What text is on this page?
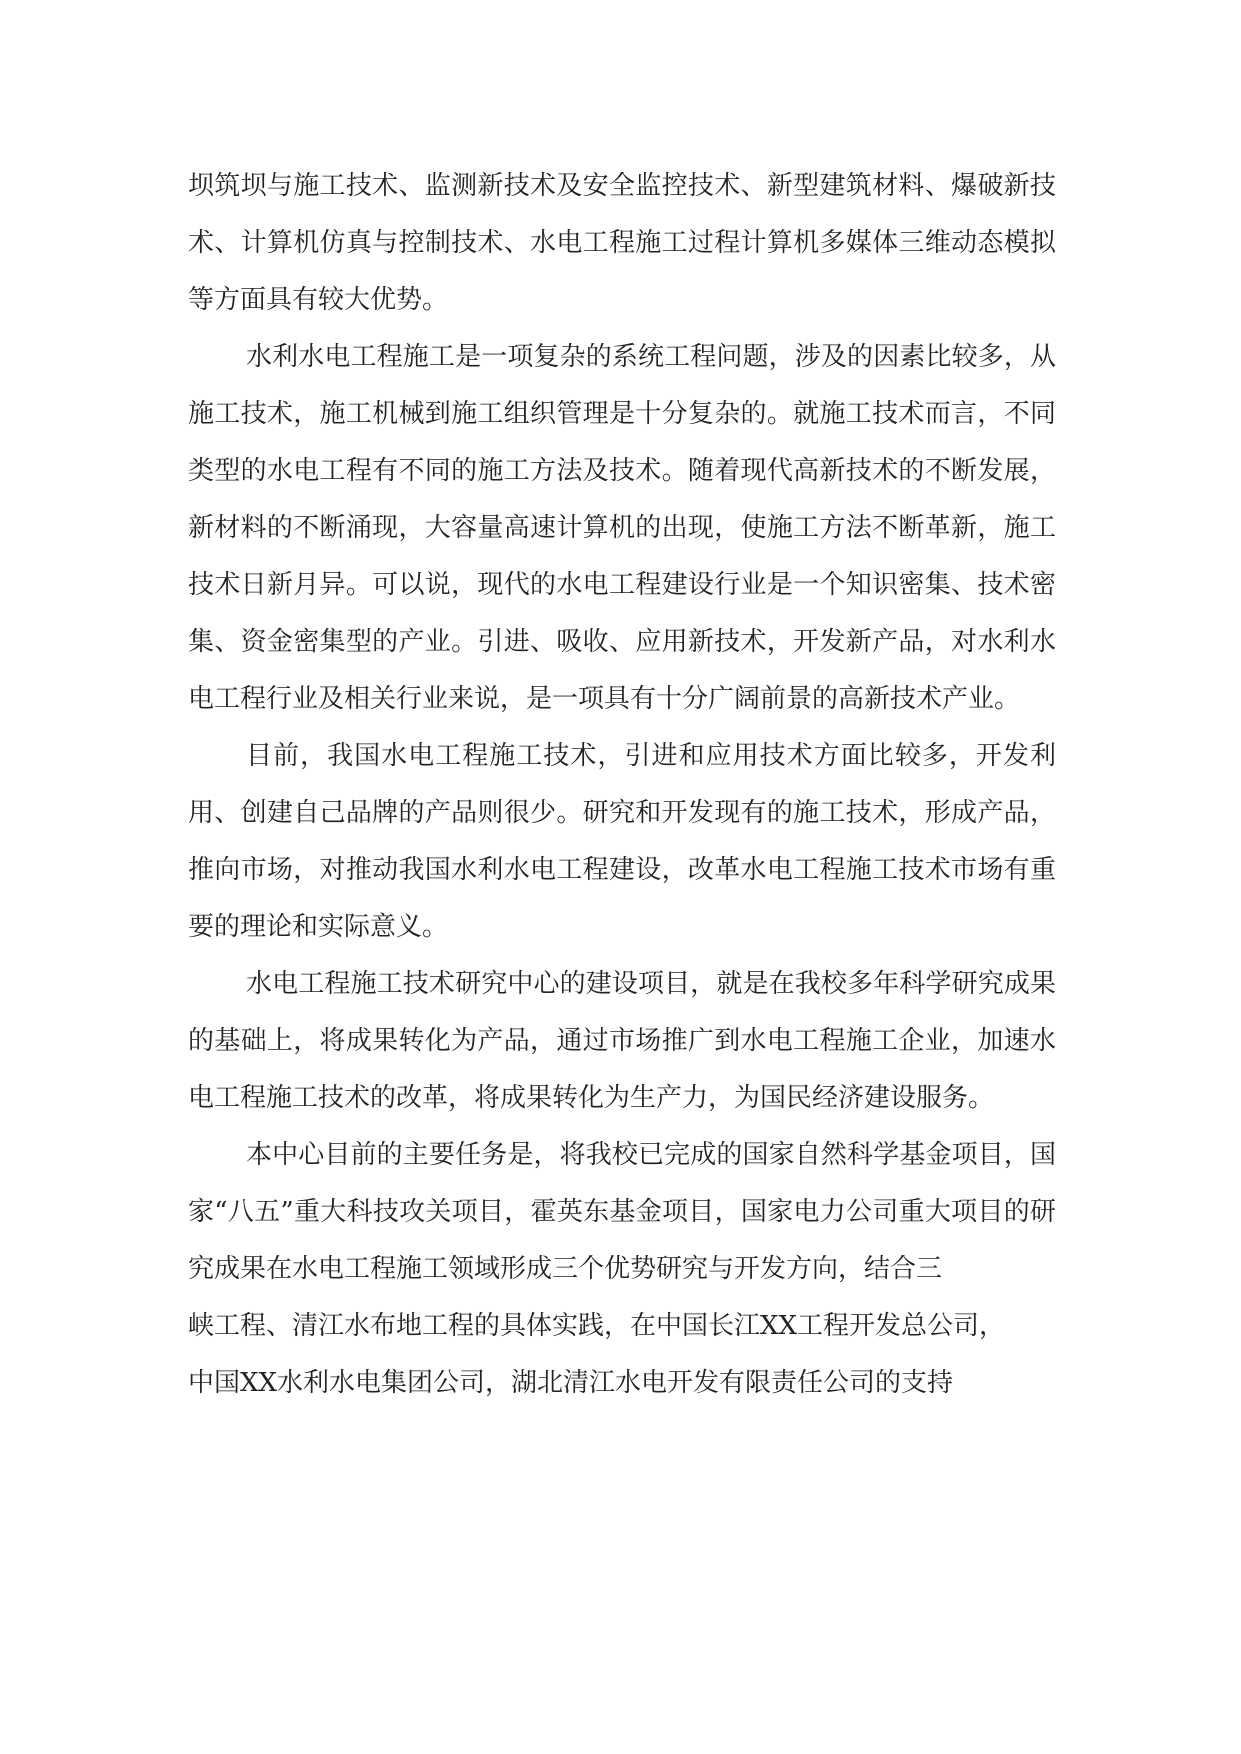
坝筑坝与施工技术、监测新技术及安全监控技术、新型建筑材料、爆破新技术、计算机仿真与控制技术、水电工程施工过程计算机多媒体三维动态模拟等方面具有较大优势。

水利水电工程施工是一项复杂的系统工程问题，涉及的因素比较多，从施工技术，施工机械到施工组织管理是十分复杂的。就施工技术而言，不同类型的水电工程有不同的施工方法及技术。随着现代高新技术的不断发展，新材料的不断涌现，大容量高速计算机的出现，使施工方法不断革新，施工技术日新月异。可以说，现代的水电工程建设行业是一个知识密集、技术密集、资金密集型的产业。引进、吸收、应用新技术，开发新产品，对水利水电工程行业及相关行业来说，是一项具有十分广阔前景的高新技术产业。

目前，我国水电工程施工技术，引进和应用技术方面比较多，开发利用、创建自己品牌的产品则很少。研究和开发现有的施工技术，形成产品，推向市场，对推动我国水利水电工程建设，改革水电工程施工技术市场有重要的理论和实际意义。

水电工程施工技术研究中心的建设项目，就是在我校多年科学研究成果的基础上，将成果转化为产品，通过市场推广到水电工程施工企业，加速水电工程施工技术的改革，将成果转化为生产力，为国民经济建设服务。

本中心目前的主要任务是，将我校已完成的国家自然科学基金项目，国家“八五”重大科技攻关项目，霍英东基金项目，国家电力公司重大项目的研究成果在水电工程施工领域形成三个优势研究与开发方向，结合三

峡工程、清江水布地工程的具体实践，在中国长江XX工程开发总公司，

中国XX水利水电集团公司，湖北清江水电开发有限责任公司的支持
